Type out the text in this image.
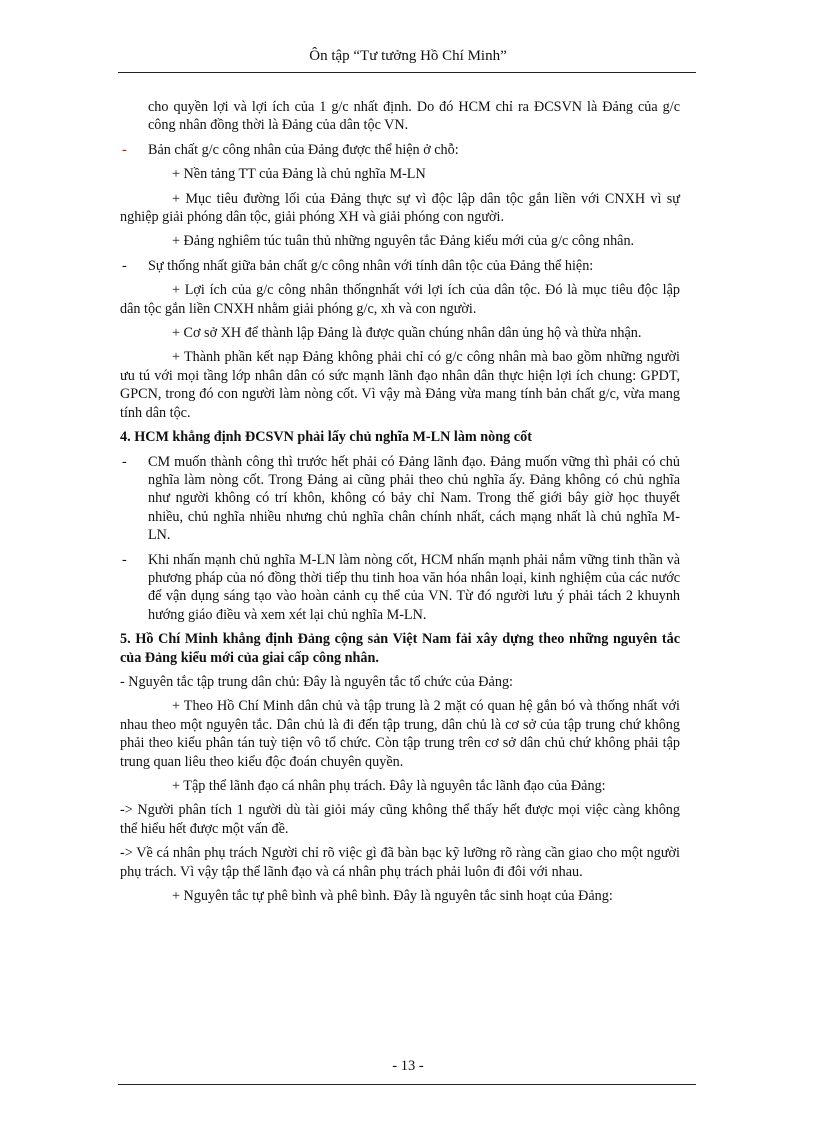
Ôn tập “Tư tưởng Hồ Chí Minh”

cho quyền lợi và lợi ích của 1 g/c nhất định. Do đó HCM chỉ ra ĐCSVN là Đảng của g/c công nhân đồng thời là Đảng của dân tộc VN.

- Bản chất g/c công nhân của Đảng được thể hiện ở chỗ:

+ Nền tảng TT của Đảng là chủ nghĩa M-LN

+ Mục tiêu đường lối của Đảng thực sự vì độc lập dân tộc gắn liền với CNXH vì sự nghiệp giải phóng dân tộc, giải phóng XH và giải phóng con người.

+ Đảng nghiêm túc tuân thủ những nguyên tắc Đảng kiểu mới của g/c công nhân.

- Sự thống nhất giữa bản chất g/c công nhân với tính dân tộc của Đảng thể hiện:

+ Lợi ích của g/c công nhân thốngnhất với lợi ích của dân tộc. Đó là mục tiêu độc lập dân tộc gắn liền CNXH nhằm giải phóng g/c, xh và con người.

+ Cơ sở XH để thành lập Đảng là được quần chúng nhân dân ủng hộ và thừa nhận.

+ Thành phần kết nạp Đảng không phải chỉ có g/c công nhân mà bao gồm những người ưu tú với mọi tầng lớp nhân dân có sức mạnh lãnh đạo nhân dân thực hiện lợi ích chung: GPDT, GPCN, trong đó con người làm nòng cốt. Vì vậy mà Đảng vừa mang tính bản chất g/c, vừa mang tính dân tộc.

4. HCM khẳng định ĐCSVN phải lấy chủ nghĩa M-LN làm nòng cốt

- CM muốn thành công thì trước hết phải có Đảng lãnh đạo. Đảng muốn vững thì phải có chủ nghĩa làm nòng cốt. Trong Đảng ai cũng phải theo chủ nghĩa ấy. Đảng không có chủ nghĩa như người không có trí khôn, không có bảy chỉ Nam. Trong thế giới bây giờ học thuyết nhiều, chủ nghĩa nhiều nhưng chủ nghĩa chân chính nhất, cách mạng nhất là chủ nghĩa M-LN.

- Khi nhấn mạnh chủ nghĩa M-LN làm nòng cốt, HCM nhấn mạnh phải nắm vững tinh thần và phương pháp của nó đồng thời tiếp thu tinh hoa văn hóa nhân loại, kinh nghiệm của các nước để vận dụng sáng tạo vào hoàn cảnh cụ thể của VN. Từ đó người lưu ý phải tách 2 khuynh hướng giáo điều và xem xét lại chủ nghĩa M-LN.

5. Hồ Chí Minh khẳng định Đảng cộng sản Việt Nam fải xây dựng theo những nguyên tắc của Đảng kiểu mới của giai cấp công nhân.

- Nguyên tắc tập trung dân chủ: Đây là nguyên tắc tổ chức của Đảng:

+ Theo Hồ Chí Minh dân chủ và tập trung là 2 mặt có quan hệ gắn bó và thống nhất với nhau theo một nguyên tắc. Dân chủ là đi đến tập trung, dân chủ là cơ sở của tập trung chứ không phải theo kiểu phân tán tuỳ tiện vô tổ chức. Còn tập trung trên cơ sở dân chủ chứ không phải tập trung quan liêu theo kiểu độc đoán chuyên quyền.

+ Tập thể lãnh đạo cá nhân phụ trách. Đây là nguyên tắc lãnh đạo của Đảng:

-> Người phân tích 1 người dù tài giỏi máy cũng không thể thấy hết được mọi việc càng không thể hiểu hết được một vấn đề.

-> Về cá nhân phụ trách Người chỉ rõ việc gì đã bàn bạc kỹ lưỡng rõ ràng cần giao cho một người phụ trách. Vì vậy tập thể lãnh đạo và cá nhân phụ trách phải luôn đi đôi với nhau.

+ Nguyên tắc tự phê bình và phê bình. Đây là nguyên tắc sinh hoạt của Đảng:

- 13 -
